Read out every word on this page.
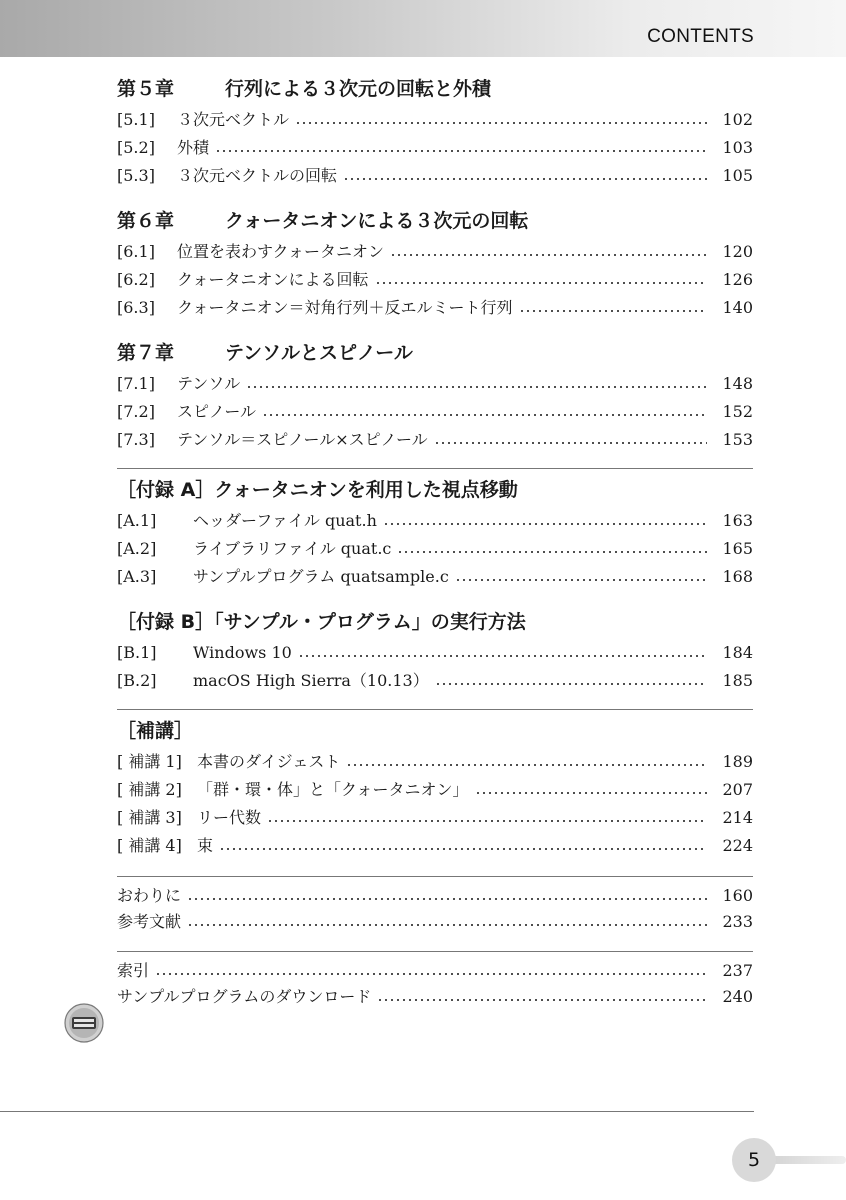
CONTENTS
第５章	行列による３次元の回転と外積
[5.1]	３次元ベクトル	102
[5.2]	外積	103
[5.3]	３次元ベクトルの回転	105
第６章	クォータニオンによる３次元の回転
[6.1]	位置を表わすクォータニオン	120
[6.2]	クォータニオンによる回転	126
[6.3]	クォータニオン＝対角行列＋反エルミート行列	140
第７章	テンソルとスピノール
[7.1]	テンソル	148
[7.2]	スピノール	152
[7.3]	テンソル＝スピノール×スピノール	153
［付録 A］クォータニオンを利用した視点移動
[A.1]	ヘッダーファイル quat.h	163
[A.2]	ライブラリファイル quat.c	165
[A.3]	サンプルプログラム quatsample.c	168
［付録 B］「サンプル・プログラム」の実行方法
[B.1]	Windows 10	184
[B.2]	macOS High Sierra（10.13）	185
［補講］
[ 補講 1] 本書のダイジェスト	189
[ 補講 2] 「群・環・体」と「クォータニオン」	207
[ 補講 3] リー代数	214
[ 補講 4] 束	224
おわりに	160
参考文献	233
索引	237
サンプルプログラムのダウンロード	240
5
